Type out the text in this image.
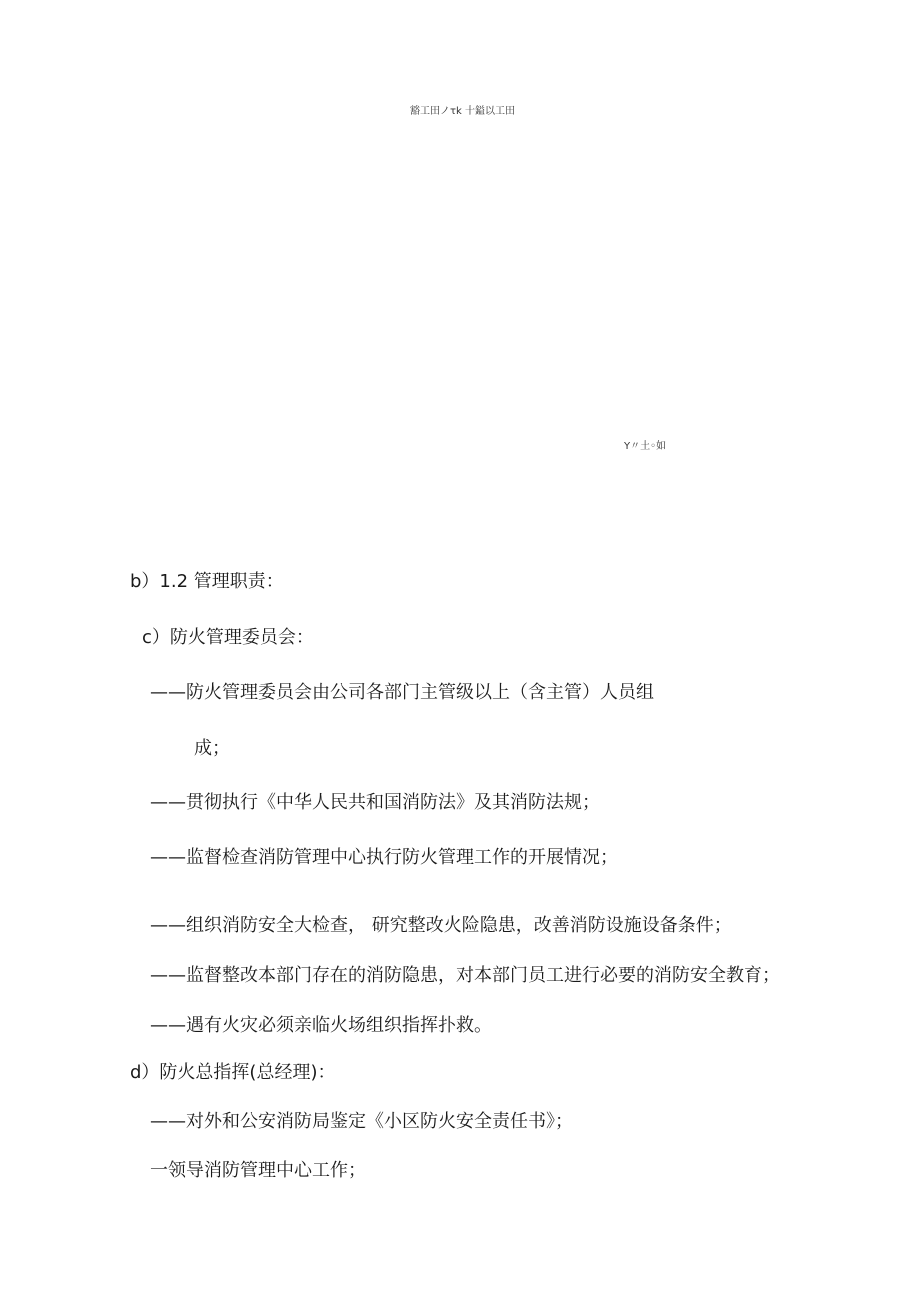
豁工田ノτk 十鎰以工田
Y〃土◦如
b）1.2 管理职责：
c）防火管理委员会：
——防火管理委员会由公司各部门主管级以上（含主管）人员组
成；
——贯彻执行《中华人民共和国消防法》及其消防法规；
——监督检查消防管理中心执行防火管理工作的开展情况；
——组织消防安全大检查， 研究整改火险隐患，改善消防设施设备条件；
——监督整改本部门存在的消防隐患，对本部门员工进行必要的消防安全教育；
——遇有火灾必须亲临火场组织指挥扑救。
d）防火总指挥(总经理)：
——对外和公安消防局鉴定《小区防火安全责任书》；
一领导消防管理中心工作；
